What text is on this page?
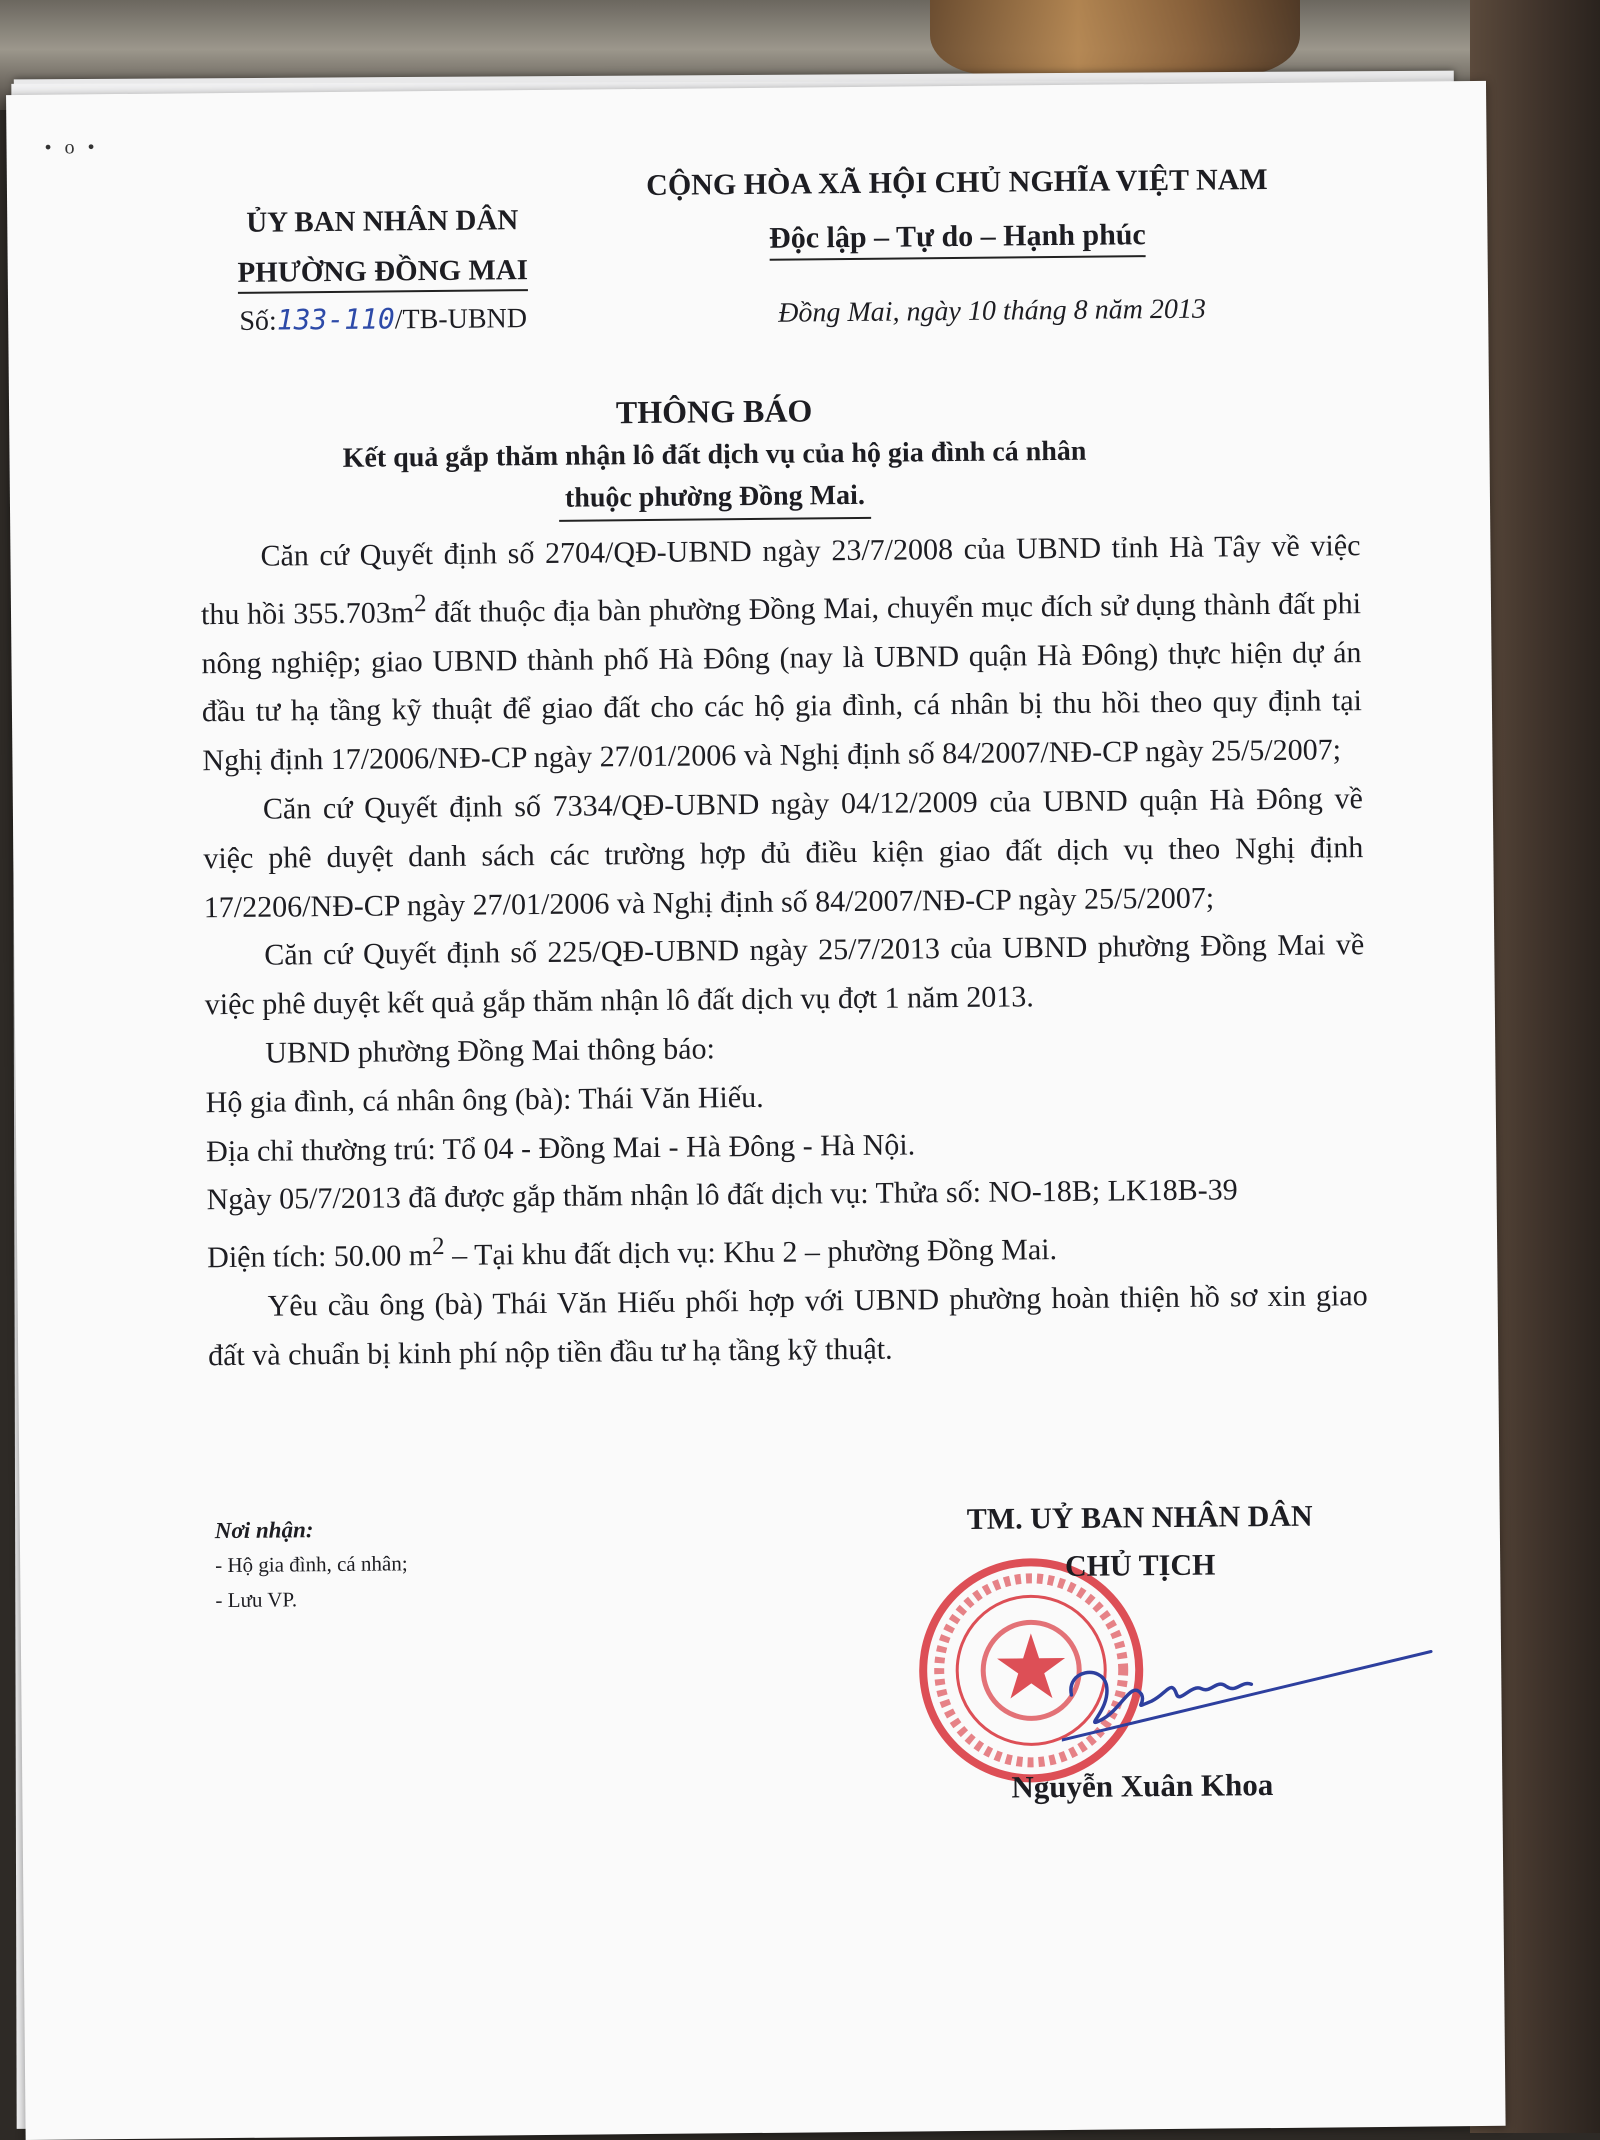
• o •
ỦY BAN NHÂN DÂN
PHƯỜNG ĐỒNG MAI
Số:133-110/TB-UBND
CỘNG HÒA XÃ HỘI CHỦ NGHĨA VIỆT NAM
Độc lập – Tự do – Hạnh phúc
Đồng Mai, ngày 10 tháng 8 năm 2013
THÔNG BÁO
Kết quả gắp thăm nhận lô đất dịch vụ của hộ gia đình cá nhân
thuộc phường Đồng Mai.

Căn cứ Quyết định số 2704/QĐ-UBND ngày 23/7/2008 của UBND tỉnh Hà Tây về việc thu hồi $355.703m^2$ đất thuộc địa bàn phường Đồng Mai, chuyển mục đích sử dụng thành đất phi nông nghiệp; giao UBND thành phố Hà Đông (nay là UBND quận Hà Đông) thực hiện dự án đầu tư hạ tầng kỹ thuật để giao đất cho các hộ gia đình, cá nhân bị thu hồi theo quy định tại Nghị định 17/2006/NĐ-CP ngày 27/01/2006 và Nghị định số 84/2007/NĐ-CP ngày 25/5/2007;

Căn cứ Quyết định số 7334/QĐ-UBND ngày 04/12/2009 của UBND quận Hà Đông về việc phê duyệt danh sách các trường hợp đủ điều kiện giao đất dịch vụ theo Nghị định 17/2206/NĐ-CP ngày 27/01/2006 và Nghị định số 84/2007/NĐ-CP ngày 25/5/2007;

Căn cứ Quyết định số 225/QĐ-UBND ngày 25/7/2013 của UBND phường Đồng Mai về việc phê duyệt kết quả gắp thăm nhận lô đất dịch vụ đợt 1 năm 2013.

UBND phường Đồng Mai thông báo:

Hộ gia đình, cá nhân ông (bà): Thái Văn Hiếu.

Địa chỉ thường trú: Tổ 04 - Đồng Mai - Hà Đông - Hà Nội.

Ngày 05/7/2013 đã được gắp thăm nhận lô đất dịch vụ: Thửa số: NO-18B; LK18B-39

Diện tích: 50.00 $m^2$ – Tại khu đất dịch vụ: Khu 2 – phường Đồng Mai.

Yêu cầu ông (bà) Thái Văn Hiếu phối hợp với UBND phường hoàn thiện hồ sơ xin giao đất và chuẩn bị kinh phí nộp tiền đầu tư hạ tầng kỹ thuật.

Nơi nhận:
- Hộ gia đình, cá nhân;
- Lưu VP.
TM. UỶ BAN NHÂN DÂN
CHỦ TỊCH
Nguyễn Xuân Khoa
